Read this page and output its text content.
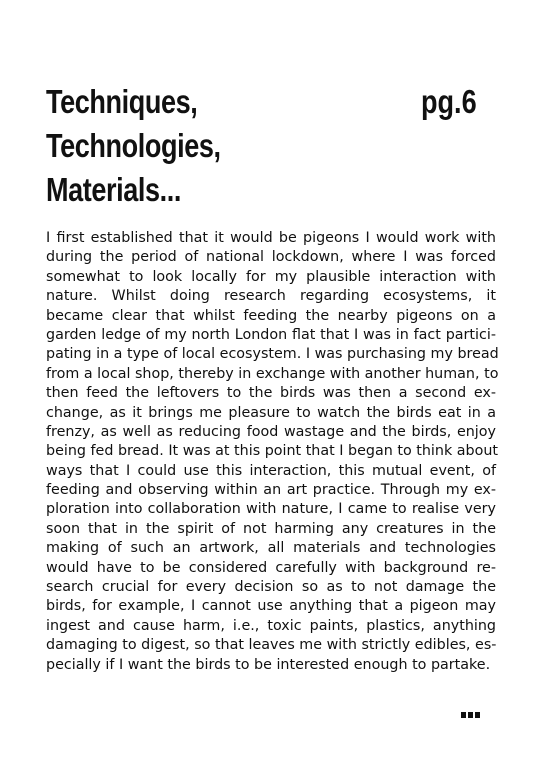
Techniques,
Technologies,
Materials...
pg.6
I first established that it would be pigeons I would work with
during the period of national lockdown, where I was forced
somewhat to look locally for my plausible interaction with
nature. Whilst doing research regarding ecosystems, it
became clear that whilst feeding the nearby pigeons on a
garden ledge of my north London flat that I was in fact partici-
pating in a type of local ecosystem. I was purchasing my bread
from a local shop, thereby in exchange with another human, to
then feed the leftovers to the birds was then a second ex-
change, as it brings me pleasure to watch the birds eat in a
frenzy, as well as reducing food wastage and the birds, enjoy
being fed bread. It was at this point that I began to think about
ways that I could use this interaction, this mutual event, of
feeding and observing within an art practice. Through my ex-
ploration into collaboration with nature, I came to realise very
soon that in the spirit of not harming any creatures in the
making of such an artwork, all materials and technologies
would have to be considered carefully with background re-
search crucial for every decision so as to not damage the
birds, for example, I cannot use anything that a pigeon may
ingest and cause harm, i.e., toxic paints, plastics, anything
damaging to digest, so that leaves me with strictly edibles, es-
pecially if I want the birds to be interested enough to partake.
